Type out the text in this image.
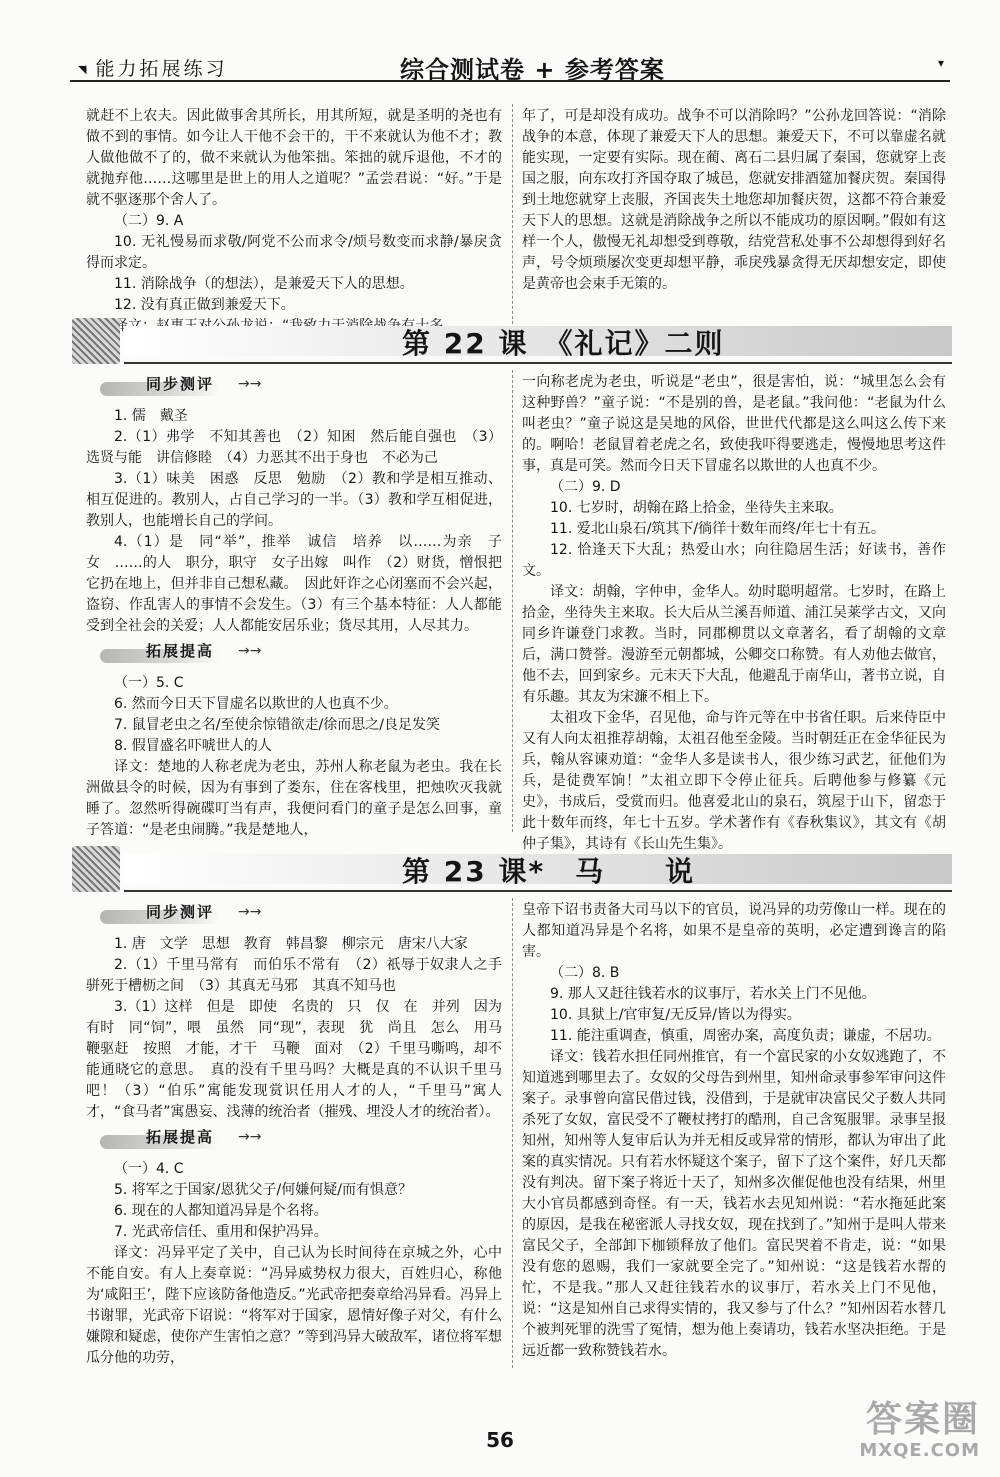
◥ 能力拓展练习	综合测试卷 + 参考答案	▾

就赶不上农夫。因此做事舍其所长，用其所短，就是圣明的尧也有做不到的事情。如今让人干他不会干的，干不来就认为他不才；教人做他做不了的，做不来就认为他笨拙。笨拙的就斥退他，不才的就抛弃他……这哪里是世上的用人之道呢？”孟尝君说：“好。”于是就不驱逐那个舍人了。

（二）9. A

10. 无礼慢易而求敬/阿党不公而求令/烦号数变而求静/暴戾贪得而求定。

11. 消除战争（的想法），是兼爱天下人的思想。

12. 没有真正做到兼爱天下。

年了，可是却没有成功。战争不可以消除吗？”公孙龙回答说：“消除战争的本意，体现了兼爱天下人的思想。兼爱天下，不可以靠虚名就能实现，一定要有实际。现在蔺、离石二县归属了秦国，您就穿上丧国之服，向东攻打齐国夺取了城邑，您就安排酒筵加餐庆贺。秦国得到土地您就穿上丧服，齐国丧失土地您却加餐庆贺，这都不符合兼爱天下人的思想。这就是消除战争之所以不能成功的原因啊。”假如有这样一个人，傲慢无礼却想受到尊敬，结党营私处事不公却想得到好名声，号令烦琐屡次变更却想平静，乖戾残暴贪得无厌却想安定，即使是黄帝也会束手无策的。

第 22 课　《礼记》二则
同步测评 →→

1. 儒　戴圣

2.（1）弗学　不知其善也　（2）知困　然后能自强也　（3）选贤与能　讲信修睦　（4）力恶其不出于身也　不必为己

3.（1）味美　困惑　反思　勉励　（2）教和学是相互推动、相互促进的。教别人，占自己学习的一半。（3）教和学互相促进，教别人，也能增长自己的学问。

4.（1）是　同“举”，推举　诚信　培养　以……为亲　子女　……的人　职分，职守　女子出嫁　叫作　（2）财货，憎恨把它扔在地上，但并非自己想私藏。　因此奸诈之心闭塞而不会兴起，盗窃、作乱害人的事情不会发生。（3）有三个基本特征：人人都能受到全社会的关爱；人人都能安居乐业；货尽其用，人尽其力。

拓展提高 →→

（一）5. C

6. 然而今日天下冒虚名以欺世的人也真不少。

7. 鼠冒老虫之名/至使余惊错欲走/徐而思之/良足发笑

8. 假冒盛名吓唬世人的人

译文：楚地的人称老虎为老虫，苏州人称老鼠为老虫。我在长洲做县令的时候，因为有事到了娄东，住在客栈里，把烛吹灭我就睡了。忽然听得碗碟叮当有声，我便问看门的童子是怎么回事，童子答道：“是老虫闹腾。”我是楚地人，

一向称老虎为老虫，听说是“老虫”，很是害怕，说：“城里怎么会有这种野兽？”童子说：“不是别的兽，是老鼠。”我问他：“老鼠为什么叫老虫？”童子说这是吴地的风俗，世世代代都是这么叫这么传下来的。啊哈！老鼠冒着老虎之名，致使我吓得要逃走，慢慢地思考这件事，真是可笑。然而今日天下冒虚名以欺世的人也真不少。

（二）9. D

10. 七岁时，胡翰在路上拾金，坐待失主来取。

11. 爱北山泉石/筑其下/徜徉十数年而终/年七十有五。

12. 恰逢天下大乱；热爱山水；向往隐居生活；好读书，善作文。

译文：胡翰，字仲申，金华人。幼时聪明超常。七岁时，在路上拾金，坐待失主来取。长大后从兰溪吾师道、浦江吴莱学古文，又向同乡许谦登门求教。当时，同郡柳贯以文章著名，看了胡翰的文章后，满口赞誉。漫游至元朝都城，公卿交口称赞。有人劝他去做官，他不去，回到家乡。元末天下大乱，他避乱于南华山，著书立说，自有乐趣。其友为宋濂不相上下。

太祖攻下金华，召见他，命与许元等在中书省任职。后来侍臣中又有人向太祖推荐胡翰，太祖召他至金陵。当时朝廷正在金华征民为兵，翰从容谏劝道：“金华人多是读书人，很少练习武艺，征他们为兵，是徒费军饷！”太祖立即下令停止征兵。后聘他参与修纂《元史》，书成后，受赏而归。他喜爱北山的泉石，筑屋于山下，留恋于此十数年而终，年七十五岁。学术著作有《春秋集议》，其文有《胡仲子集》，其诗有《长山先生集》。

第 23 课*　马　　说
同步测评 →→

1. 唐　文学　思想　教育　韩昌黎　柳宗元　唐宋八大家

2.（1）千里马常有　而伯乐不常有　（2）祇辱于奴隶人之手　骈死于槽枥之间　（3）其真无马邪　其真不知马也

3.（1）这样　但是　即使　名贵的　只　仅　在　并列　因为　有时　同“饲”，喂　虽然　同“现”，表现　犹　尚且　怎么　用马鞭驱赶　按照　才能，才干　马鞭　面对　（2）千里马嘶鸣，却不能通晓它的意思。　真的没有千里马吗？大概是真的不认识千里马吧！（3）“伯乐”寓能发现赏识任用人才的人，“千里马”寓人才，“食马者”寓愚妄、浅薄的统治者（摧残、埋没人才的统治者）。

拓展提高 →→

（一）4. C

5. 将军之于国家/恩犹父子/何嫌何疑/而有惧意？

6. 现在的人都知道冯异是个名将。

7. 光武帝信任、重用和保护冯异。

译文：冯异平定了关中，自己认为长时间待在京城之外，心中不能自安。有人上奏章说：“冯异威势权力很大，百姓归心，称他为‘咸阳王’，陛下应该防备他造反。”光武帝把奏章给冯异看。冯异上书谢罪，光武帝下诏说：“将军对于国家，恩情好像子对父，有什么嫌隙和疑虑，使你产生害怕之意？”等到冯异大破敌军，诸位将军想瓜分他的功劳，

皇帝下诏书责备大司马以下的官员，说冯异的功劳像山一样。现在的人都知道冯异是个名将，如果不是皇帝的英明，必定遭到谗言的陷害。

（二）8. B

9. 那人又赶往钱若水的议事厅，若水关上门不见他。

10. 具狱上/官审复/无反异/皆以为得实。

11. 能注重调查，慎重，周密办案，高度负责；谦虚，不居功。

译文：钱若水担任同州推官，有一个富民家的小女奴逃跑了，不知道逃到哪里去了。女奴的父母告到州里，知州命录事参军审问这件案子。录事曾向富民借过钱，没借到，于是就审决富民父子数人共同杀死了女奴，富民受不了鞭杖拷打的酷刑，自己含冤服罪。录事呈报知州，知州等人复审后认为并无相反或异常的情形，都认为审出了此案的真实情况。只有若水怀疑这个案子，留下了这个案件，好几天都没有判决。留下案子将近十天了，知州多次催促他也没有结果，州里大小官员都感到奇怪。有一天，钱若水去见知州说：“若水拖延此案的原因，是我在秘密派人寻找女奴，现在找到了。”知州于是叫人带来富民父子，全部卸下枷锁释放了他们。富民哭着不肯走，说：“如果没有您的恩赐，我们一家就要全完了。”知州说：“这是钱若水帮的忙，不是我。”那人又赶往钱若水的议事厅，若水关上门不见他，说：“这是知州自己求得实情的，我又参与了什么？”知州因若水替几个被判死罪的洗雪了冤情，想为他上奏请功，钱若水坚决拒绝。于是远近都一致称赞钱若水。

56	答案圈
MXQE.COM
